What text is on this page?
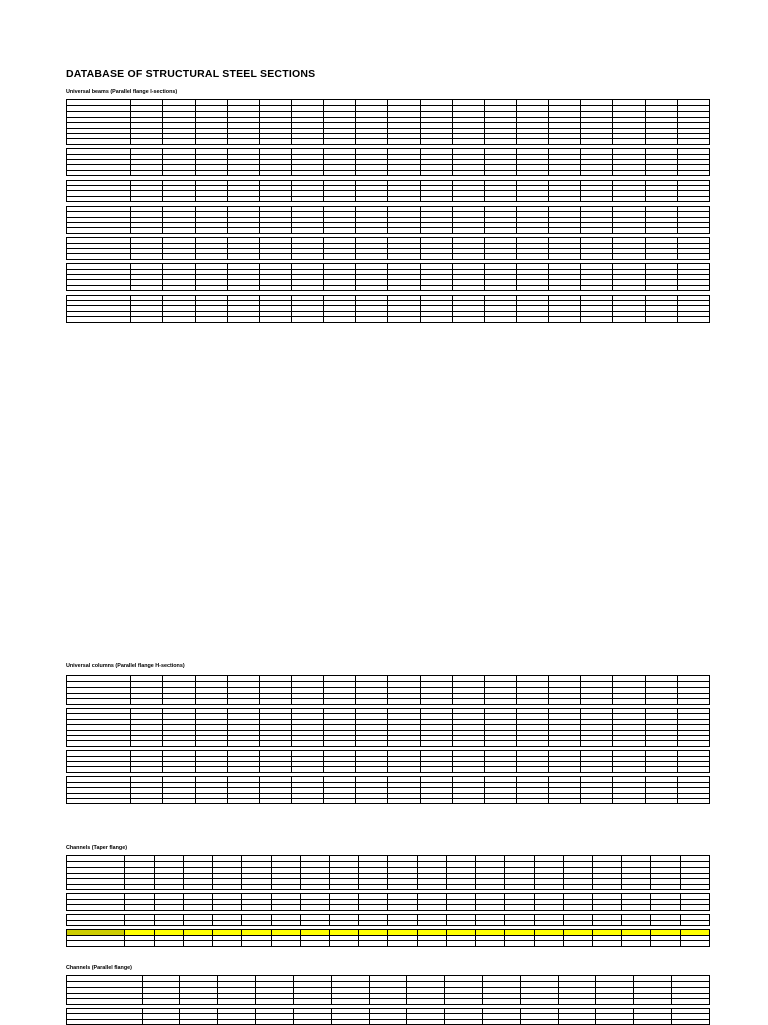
DATABASE OF STRUCTURAL STEEL SECTIONS
Universal beams (Parallel flange I-sections)
Universal columns (Parallel flange H-sections)
Channels (Taper flange)
Channels (Parallel flange)
